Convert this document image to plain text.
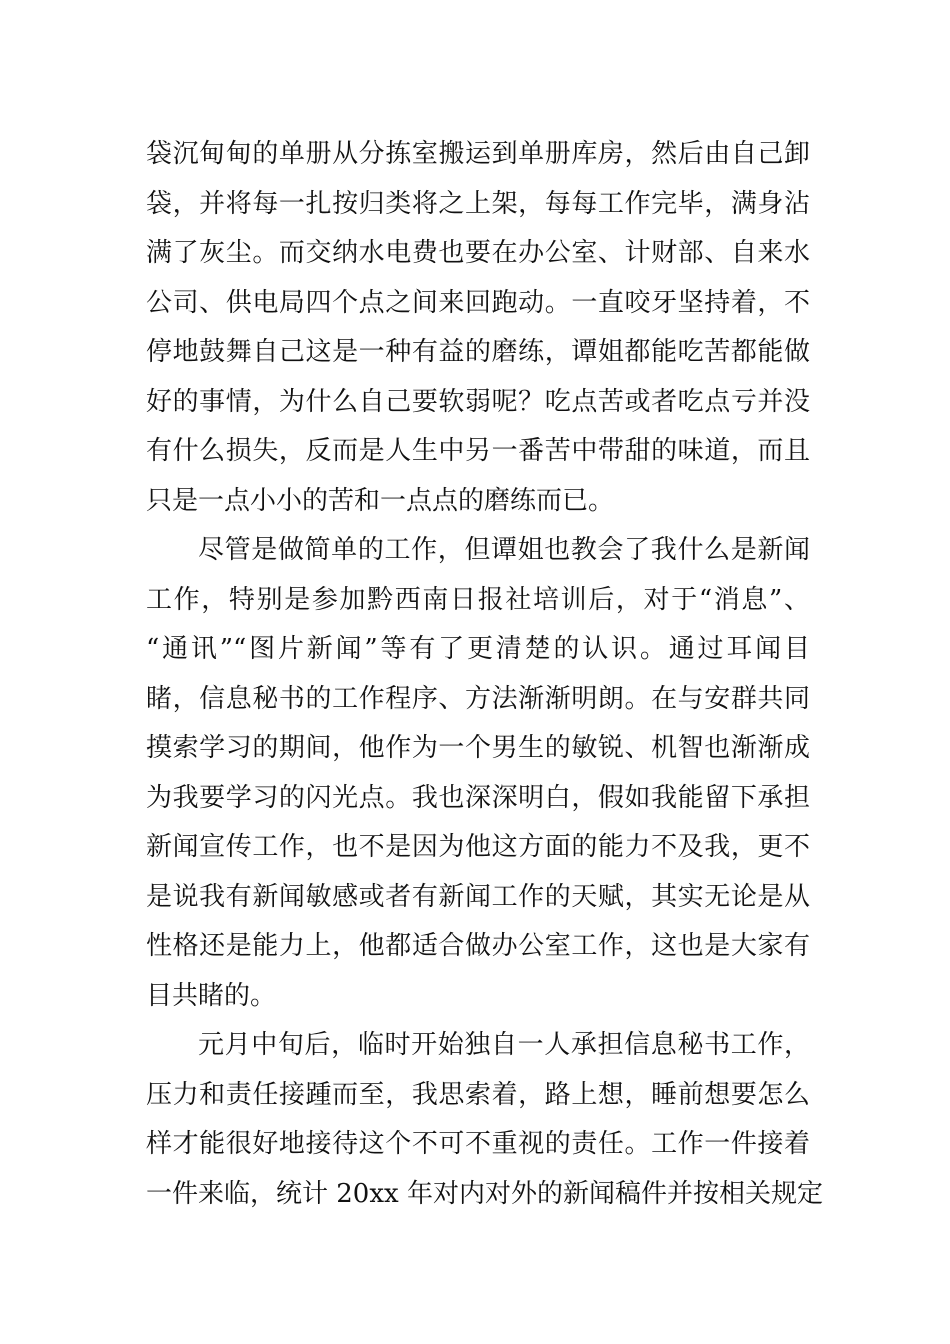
袋沉甸甸的单册从分拣室搬运到单册库房，然后由自己卸
袋，并将每一扎按归类将之上架，每每工作完毕，满身沾
满了灰尘。而交纳水电费也要在办公室、计财部、自来水
公司、供电局四个点之间来回跑动。一直咬牙坚持着，不
停地鼓舞自己这是一种有益的磨练，谭姐都能吃苦都能做
好的事情，为什么自己要软弱呢？吃点苦或者吃点亏并没
有什么损失，反而是人生中另一番苦中带甜的味道，而且
只是一点小小的苦和一点点的磨练而已。
尽管是做简单的工作，但谭姐也教会了我什么是新闻
工作，特别是参加黔西南日报社培训后，对于“消息”、
“通讯”“图片新闻”等有了更清楚的认识。通过耳闻目
睹，信息秘书的工作程序、方法渐渐明朗。在与安群共同
摸索学习的期间，他作为一个男生的敏锐、机智也渐渐成
为我要学习的闪光点。我也深深明白，假如我能留下承担
新闻宣传工作，也不是因为他这方面的能力不及我，更不
是说我有新闻敏感或者有新闻工作的天赋，其实无论是从
性格还是能力上，他都适合做办公室工作，这也是大家有
目共睹的。
元月中旬后，临时开始独自一人承担信息秘书工作，
压力和责任接踵而至，我思索着，路上想，睡前想要怎么
样才能很好地接待这个不可不重视的责任。工作一件接着
一件来临，统计 20xx 年对内对外的新闻稿件并按相关规定
